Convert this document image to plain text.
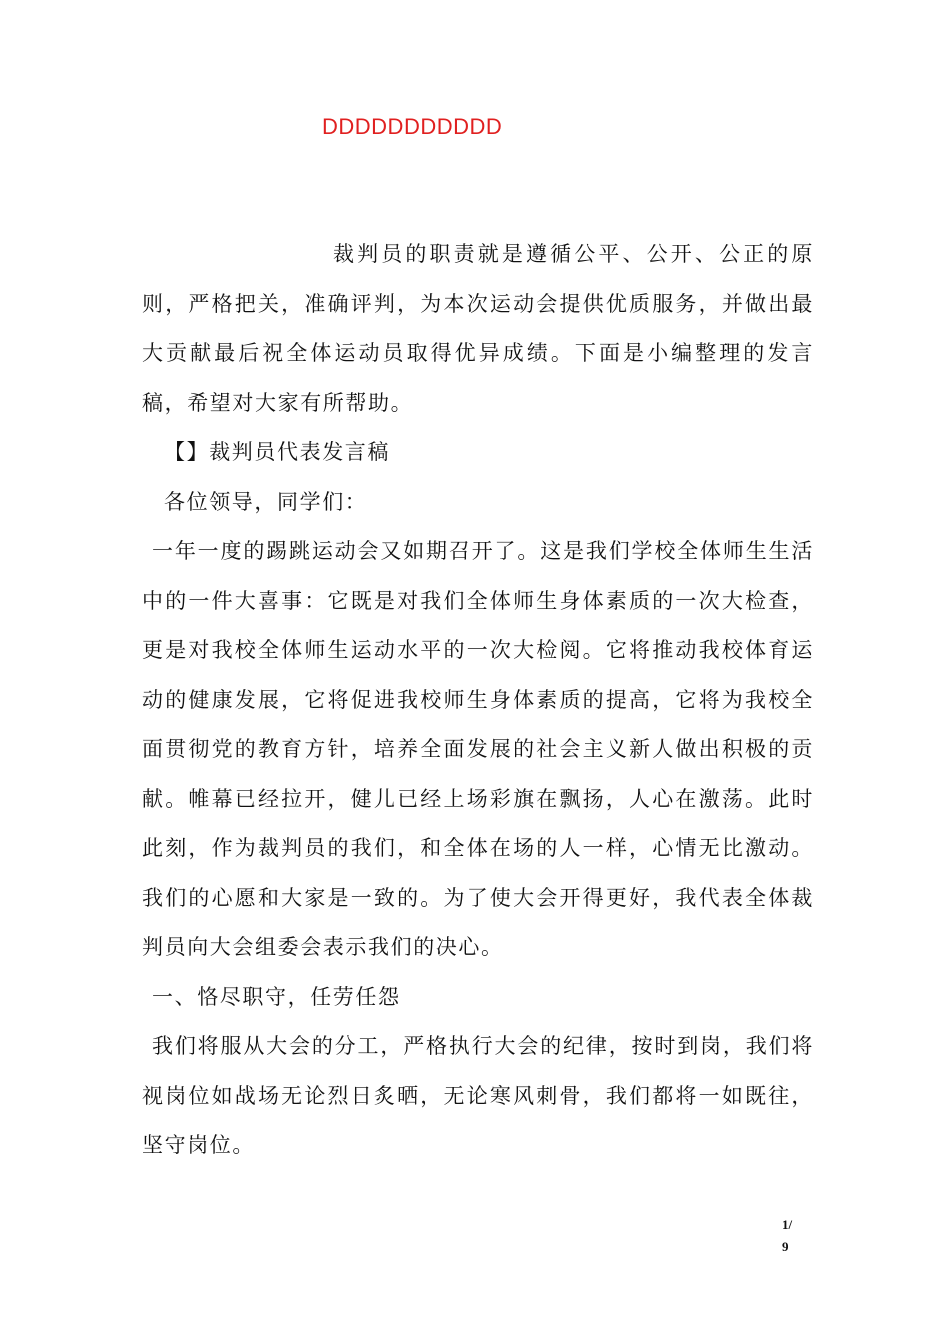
DDDDDDDDDDD

裁判员的职责就是遵循公平、公开、公正的原则，严格把关，准确评判，为本次运动会提供优质服务，并做出最大贡献最后祝全体运动员取得优异成绩。下面是小编整理的发言稿，希望对大家有所帮助。

【】裁判员代表发言稿

各位领导，同学们：

一年一度的踢跳运动会又如期召开了。这是我们学校全体师生生活中的一件大喜事：它既是对我们全体师生身体素质的一次大检查，更是对我校全体师生运动水平的一次大检阅。它将推动我校体育运动的健康发展，它将促进我校师生身体素质的提高，它将为我校全面贯彻党的教育方针，培养全面发展的社会主义新人做出积极的贡献。帷幕已经拉开，健儿已经上场彩旗在飘扬，人心在激荡。此时此刻，作为裁判员的我们，和全体在场的人一样，心情无比激动。我们的心愿和大家是一致的。为了使大会开得更好，我代表全体裁判员向大会组委会表示我们的决心。

一、恪尽职守，任劳任怨

我们将服从大会的分工，严格执行大会的纪律，按时到岗，我们将视岗位如战场无论烈日炙晒，无论寒风刺骨，我们都将一如既往，坚守岗位。

1/
9
